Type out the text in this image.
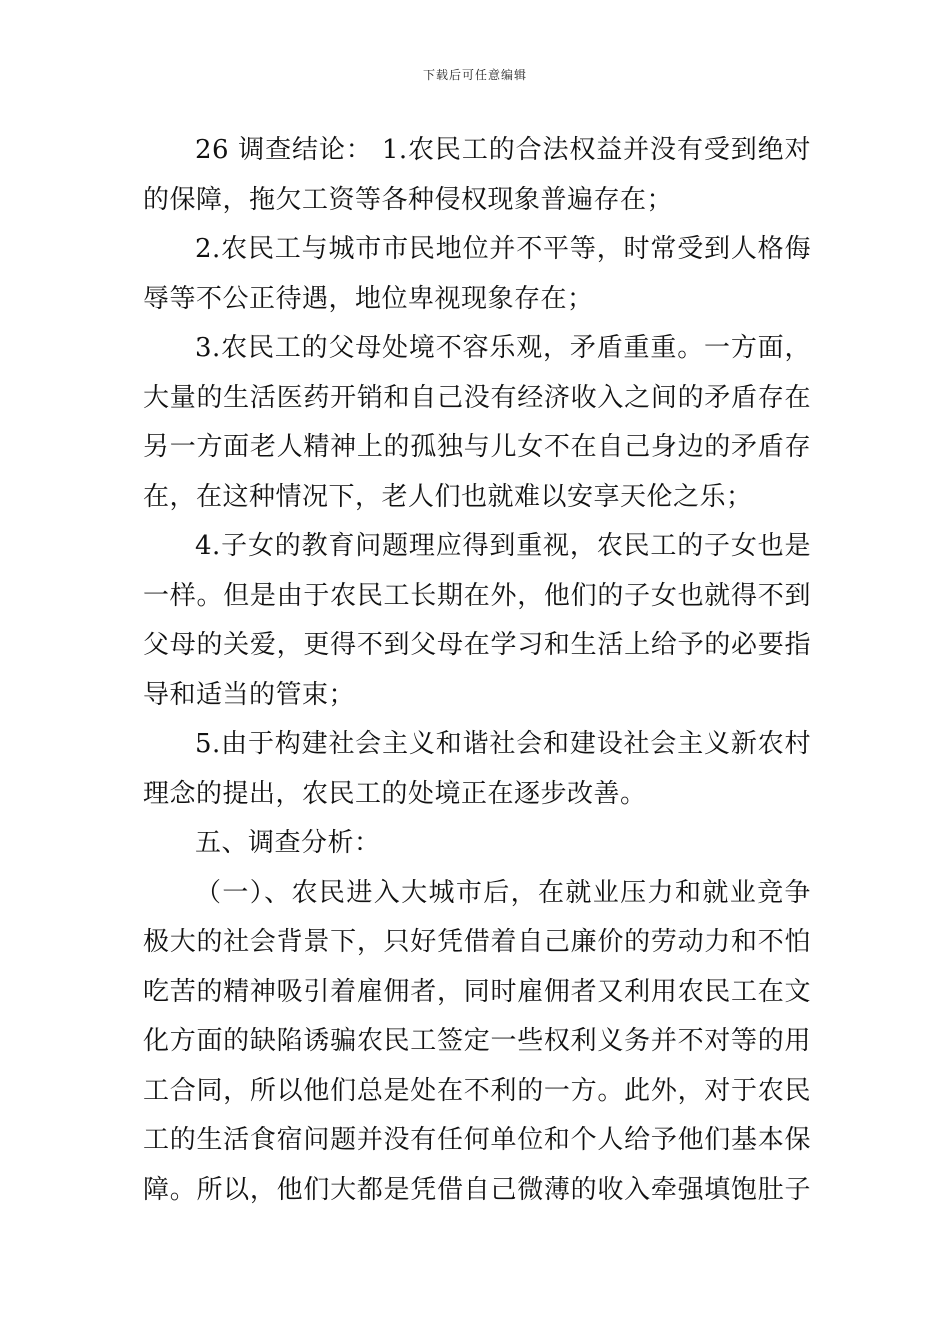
下载后可任意编辑

26 调查结论： 1.农民工的合法权益并没有受到绝对的保障，拖欠工资等各种侵权现象普遍存在；

2.农民工与城市市民地位并不平等，时常受到人格侮辱等不公正待遇，地位卑视现象存在；

3.农民工的父母处境不容乐观，矛盾重重。一方面，大量的生活医药开销和自己没有经济收入之间的矛盾存在另一方面老人精神上的孤独与儿女不在自己身边的矛盾存在，在这种情况下，老人们也就难以安享天伦之乐；

4.子女的教育问题理应得到重视，农民工的子女也是一样。但是由于农民工长期在外，他们的子女也就得不到父母的关爱，更得不到父母在学习和生活上给予的必要指导和适当的管束；

5.由于构建社会主义和谐社会和建设社会主义新农村理念的提出，农民工的处境正在逐步改善。

五、调查分析：

（一）、农民进入大城市后，在就业压力和就业竞争极大的社会背景下，只好凭借着自己廉价的劳动力和不怕吃苦的精神吸引着雇佣者，同时雇佣者又利用农民工在文化方面的缺陷诱骗农民工签定一些权利义务并不对等的用工合同，所以他们总是处在不利的一方。此外，对于农民工的生活食宿问题并没有任何单位和个人给予他们基本保障。所以，他们大都是凭借自己微薄的收入牵强填饱肚子
